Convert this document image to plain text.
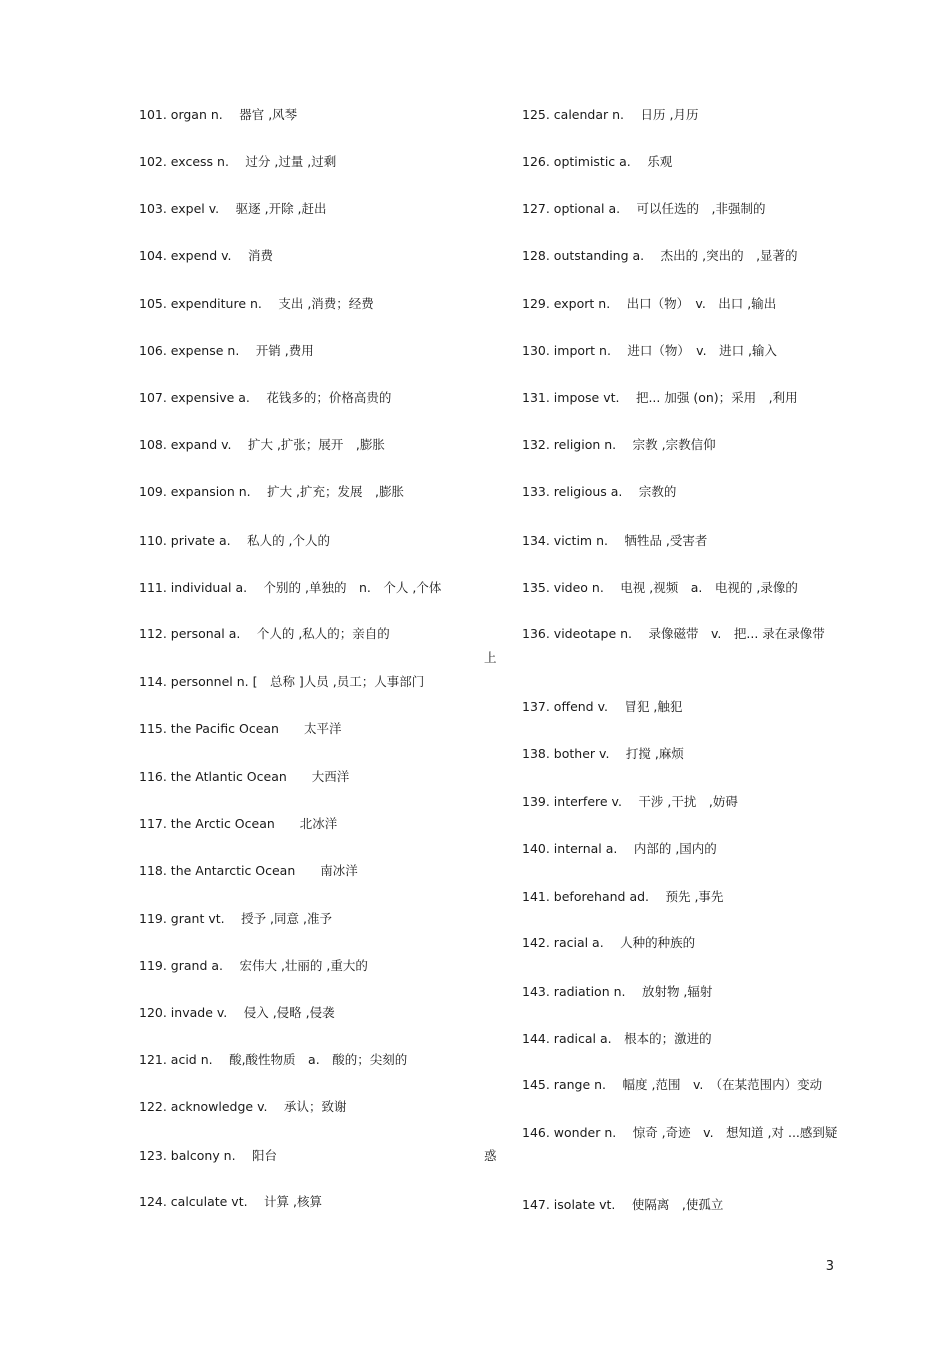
101. organ n.　 器官 ,风琴
102. excess n.　 过分 ,过量 ,过剩
103. expel v.　 驱逐 ,开除 ,赶出
104. expend v.　 消费
105. expenditure n.　 支出 ,消费；经费
106. expense n.　 开销 ,费用
107. expensive a.　 花钱多的；价格高贵的
108. expand v.　 扩大 ,扩张；展开　,膨胀
109. expansion n.　 扩大 ,扩充；发展　,膨胀
110. private a.　 私人的 ,个人的
111. individual a.　 个别的 ,单独的　n.　个人 ,个体
112. personal a.　 个人的 ,私人的；亲自的
114. personnel n. [　总称 ]人员 ,员工；人事部门
115. the Pacific Ocean　　太平洋
116. the Atlantic Ocean　　大西洋
117. the Arctic Ocean　　北冰洋
118. the Antarctic Ocean　　南冰洋
119. grant vt.　 授予 ,同意 ,准予
119. grand a.　 宏伟大 ,壮丽的 ,重大的
120. invade v.　 侵入 ,侵略 ,侵袭
121. acid n.　 酸,酸性物质　a.　酸的；尖刻的
122. acknowledge v.　 承认；致谢
123. balcony n.　 阳台
124. calculate vt.　 计算 ,核算
125. calendar n.　 日历 ,月历
126. optimistic a.　 乐观
127. optional a.　 可以任选的　,非强制的
128. outstanding a.　 杰出的 ,突出的　,显著的
129. export n.　 出口（物）　v.　出口 ,输出
130. import n.　 进口（物）　v.　进口 ,输入
131. impose vt.　 把... 加强 (on)；采用　,利用
132. religion n.　 宗教 ,宗教信仰
133. religious a.　 宗教的
134. victim n.　 牺牲品 ,受害者
135. video n.　 电视 ,视频　a.　电视的 ,录像的
136. videotape n.　 录像磁带　v.　把... 录在录像带
137. offend v.　 冒犯 ,触犯
138. bother v.　 打搅 ,麻烦
139. interfere v.　 干涉 ,干扰　,妨碍
140. internal a.　 内部的 ,国内的
141. beforehand ad.　 预先 ,事先
142. racial a.　 人种的种族的
143. radiation n.　 放射物 ,辐射
144. radical a.　根本的；激进的
145. range n.　 幅度 ,范围　v.　（在某范围内）变动
146. wonder n.　 惊奇 ,奇迹　v.　想知道 ,对 ...感到疑
147. isolate vt.　 使隔离　,使孤立
上
惑
3
